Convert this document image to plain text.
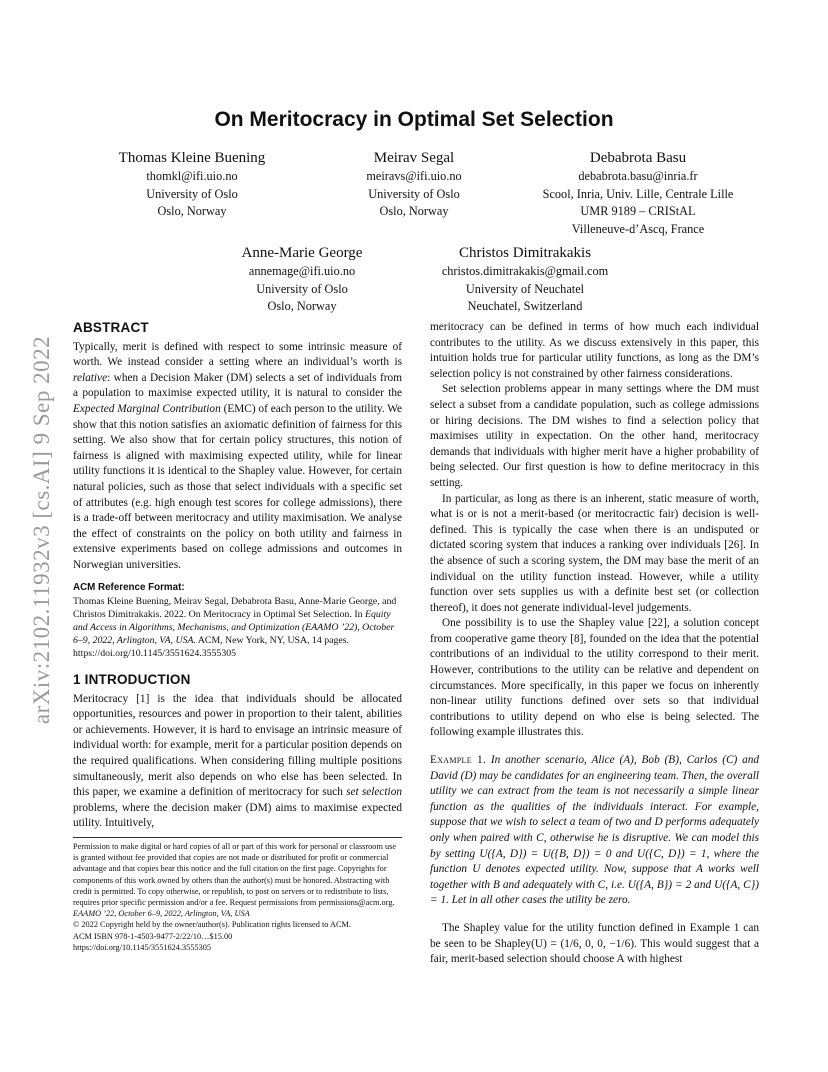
arXiv:2102.11932v3 [cs.AI] 9 Sep 2022
On Meritocracy in Optimal Set Selection
Thomas Kleine Buening
thomkl@ifi.uio.no
University of Oslo
Oslo, Norway
Meirav Segal
meiravs@ifi.uio.no
University of Oslo
Oslo, Norway
Debabrota Basu
debabrota.basu@inria.fr
Scool, Inria, Univ. Lille, Centrale Lille
UMR 9189 – CRIStAL
Villeneuve-d’Ascq, France
Anne-Marie George
annemage@ifi.uio.no
University of Oslo
Oslo, Norway
Christos Dimitrakakis
christos.dimitrakakis@gmail.com
University of Neuchatel
Neuchatel, Switzerland
ABSTRACT

Typically, merit is defined with respect to some intrinsic measure of worth. We instead consider a setting where an individual’s worth is relative: when a Decision Maker (DM) selects a set of individuals from a population to maximise expected utility, it is natural to consider the Expected Marginal Contribution (EMC) of each person to the utility. We show that this notion satisfies an axiomatic definition of fairness for this setting. We also show that for certain policy structures, this notion of fairness is aligned with maximising expected utility, while for linear utility functions it is identical to the Shapley value. However, for certain natural policies, such as those that select individuals with a specific set of attributes (e.g. high enough test scores for college admissions), there is a trade-off between meritocracy and utility maximisation. We analyse the effect of constraints on the policy on both utility and fairness in extensive experiments based on college admissions and outcomes in Norwegian universities.

ACM Reference Format:

Thomas Kleine Buening, Meirav Segal, Debabrota Basu, Anne-Marie George, and Christos Dimitrakakis. 2022. On Meritocracy in Optimal Set Selection. In Equity and Access in Algorithms, Mechanisms, and Optimization (EAAMO ’22), October 6–9, 2022, Arlington, VA, USA. ACM, New York, NY, USA, 14 pages. https://doi.org/10.1145/3551624.3555305

1 INTRODUCTION

Meritocracy [1] is the idea that individuals should be allocated opportunities, resources and power in proportion to their talent, abilities or achievements. However, it is hard to envisage an intrinsic measure of individual worth: for example, merit for a particular position depends on the required qualifications. When considering filling multiple positions simultaneously, merit also depends on who else has been selected. In this paper, we examine a definition of meritocracy for such set selection problems, where the decision maker (DM) aims to maximise expected utility. Intuitively,

Permission to make digital or hard copies of all or part of this work for personal or classroom use is granted without fee provided that copies are not made or distributed for profit or commercial advantage and that copies bear this notice and the full citation on the first page. Copyrights for components of this work owned by others than the author(s) must be honored. Abstracting with credit is permitted. To copy otherwise, or republish, to post on servers or to redistribute to lists, requires prior specific permission and/or a fee. Request permissions from permissions@acm.org.

EAAMO ’22, October 6–9, 2022, Arlington, VA, USA

© 2022 Copyright held by the owner/author(s). Publication rights licensed to ACM.

ACM ISBN 978-1-4503-9477-2/22/10…$15.00

https://doi.org/10.1145/3551624.3555305

meritocracy can be defined in terms of how much each individual contributes to the utility. As we discuss extensively in this paper, this intuition holds true for particular utility functions, as long as the DM’s selection policy is not constrained by other fairness considerations.

Set selection problems appear in many settings where the DM must select a subset from a candidate population, such as college admissions or hiring decisions. The DM wishes to find a selection policy that maximises utility in expectation. On the other hand, meritocracy demands that individuals with higher merit have a higher probability of being selected. Our first question is how to define meritocracy in this setting.

In particular, as long as there is an inherent, static measure of worth, what is or is not a merit-based (or meritocractic fair) decision is well-defined. This is typically the case when there is an undisputed or dictated scoring system that induces a ranking over individuals [26]. In the absence of such a scoring system, the DM may base the merit of an individual on the utility function instead. However, while a utility function over sets supplies us with a definite best set (or collection thereof), it does not generate individual-level judgements.

One possibility is to use the Shapley value [22], a solution concept from cooperative game theory [8], founded on the idea that the potential contributions of an individual to the utility correspond to their merit. However, contributions to the utility can be relative and dependent on circumstances. More specifically, in this paper we focus on inherently non-linear utility functions defined over sets so that individual contributions to utility depend on who else is being selected. The following example illustrates this.

Example 1. In another scenario, Alice (A), Bob (B), Carlos (C) and David (D) may be candidates for an engineering team. Then, the overall utility we can extract from the team is not necessarily a simple linear function as the qualities of the individuals interact. For example, suppose that we wish to select a team of two and D performs adequately only when paired with C, otherwise he is disruptive. We can model this by setting U({A, D}) = U({B, D}) = 0 and U({C, D}) = 1, where the function U denotes expected utility. Now, suppose that A works well together with B and adequately with C, i.e. U({A, B}) = 2 and U({A, C}) = 1. Let in all other cases the utility be zero.

The Shapley value for the utility function defined in Example 1 can be seen to be Shapley(U) = (1/6, 0, 0, −1/6). This would suggest that a fair, merit-based selection should choose A with highest
